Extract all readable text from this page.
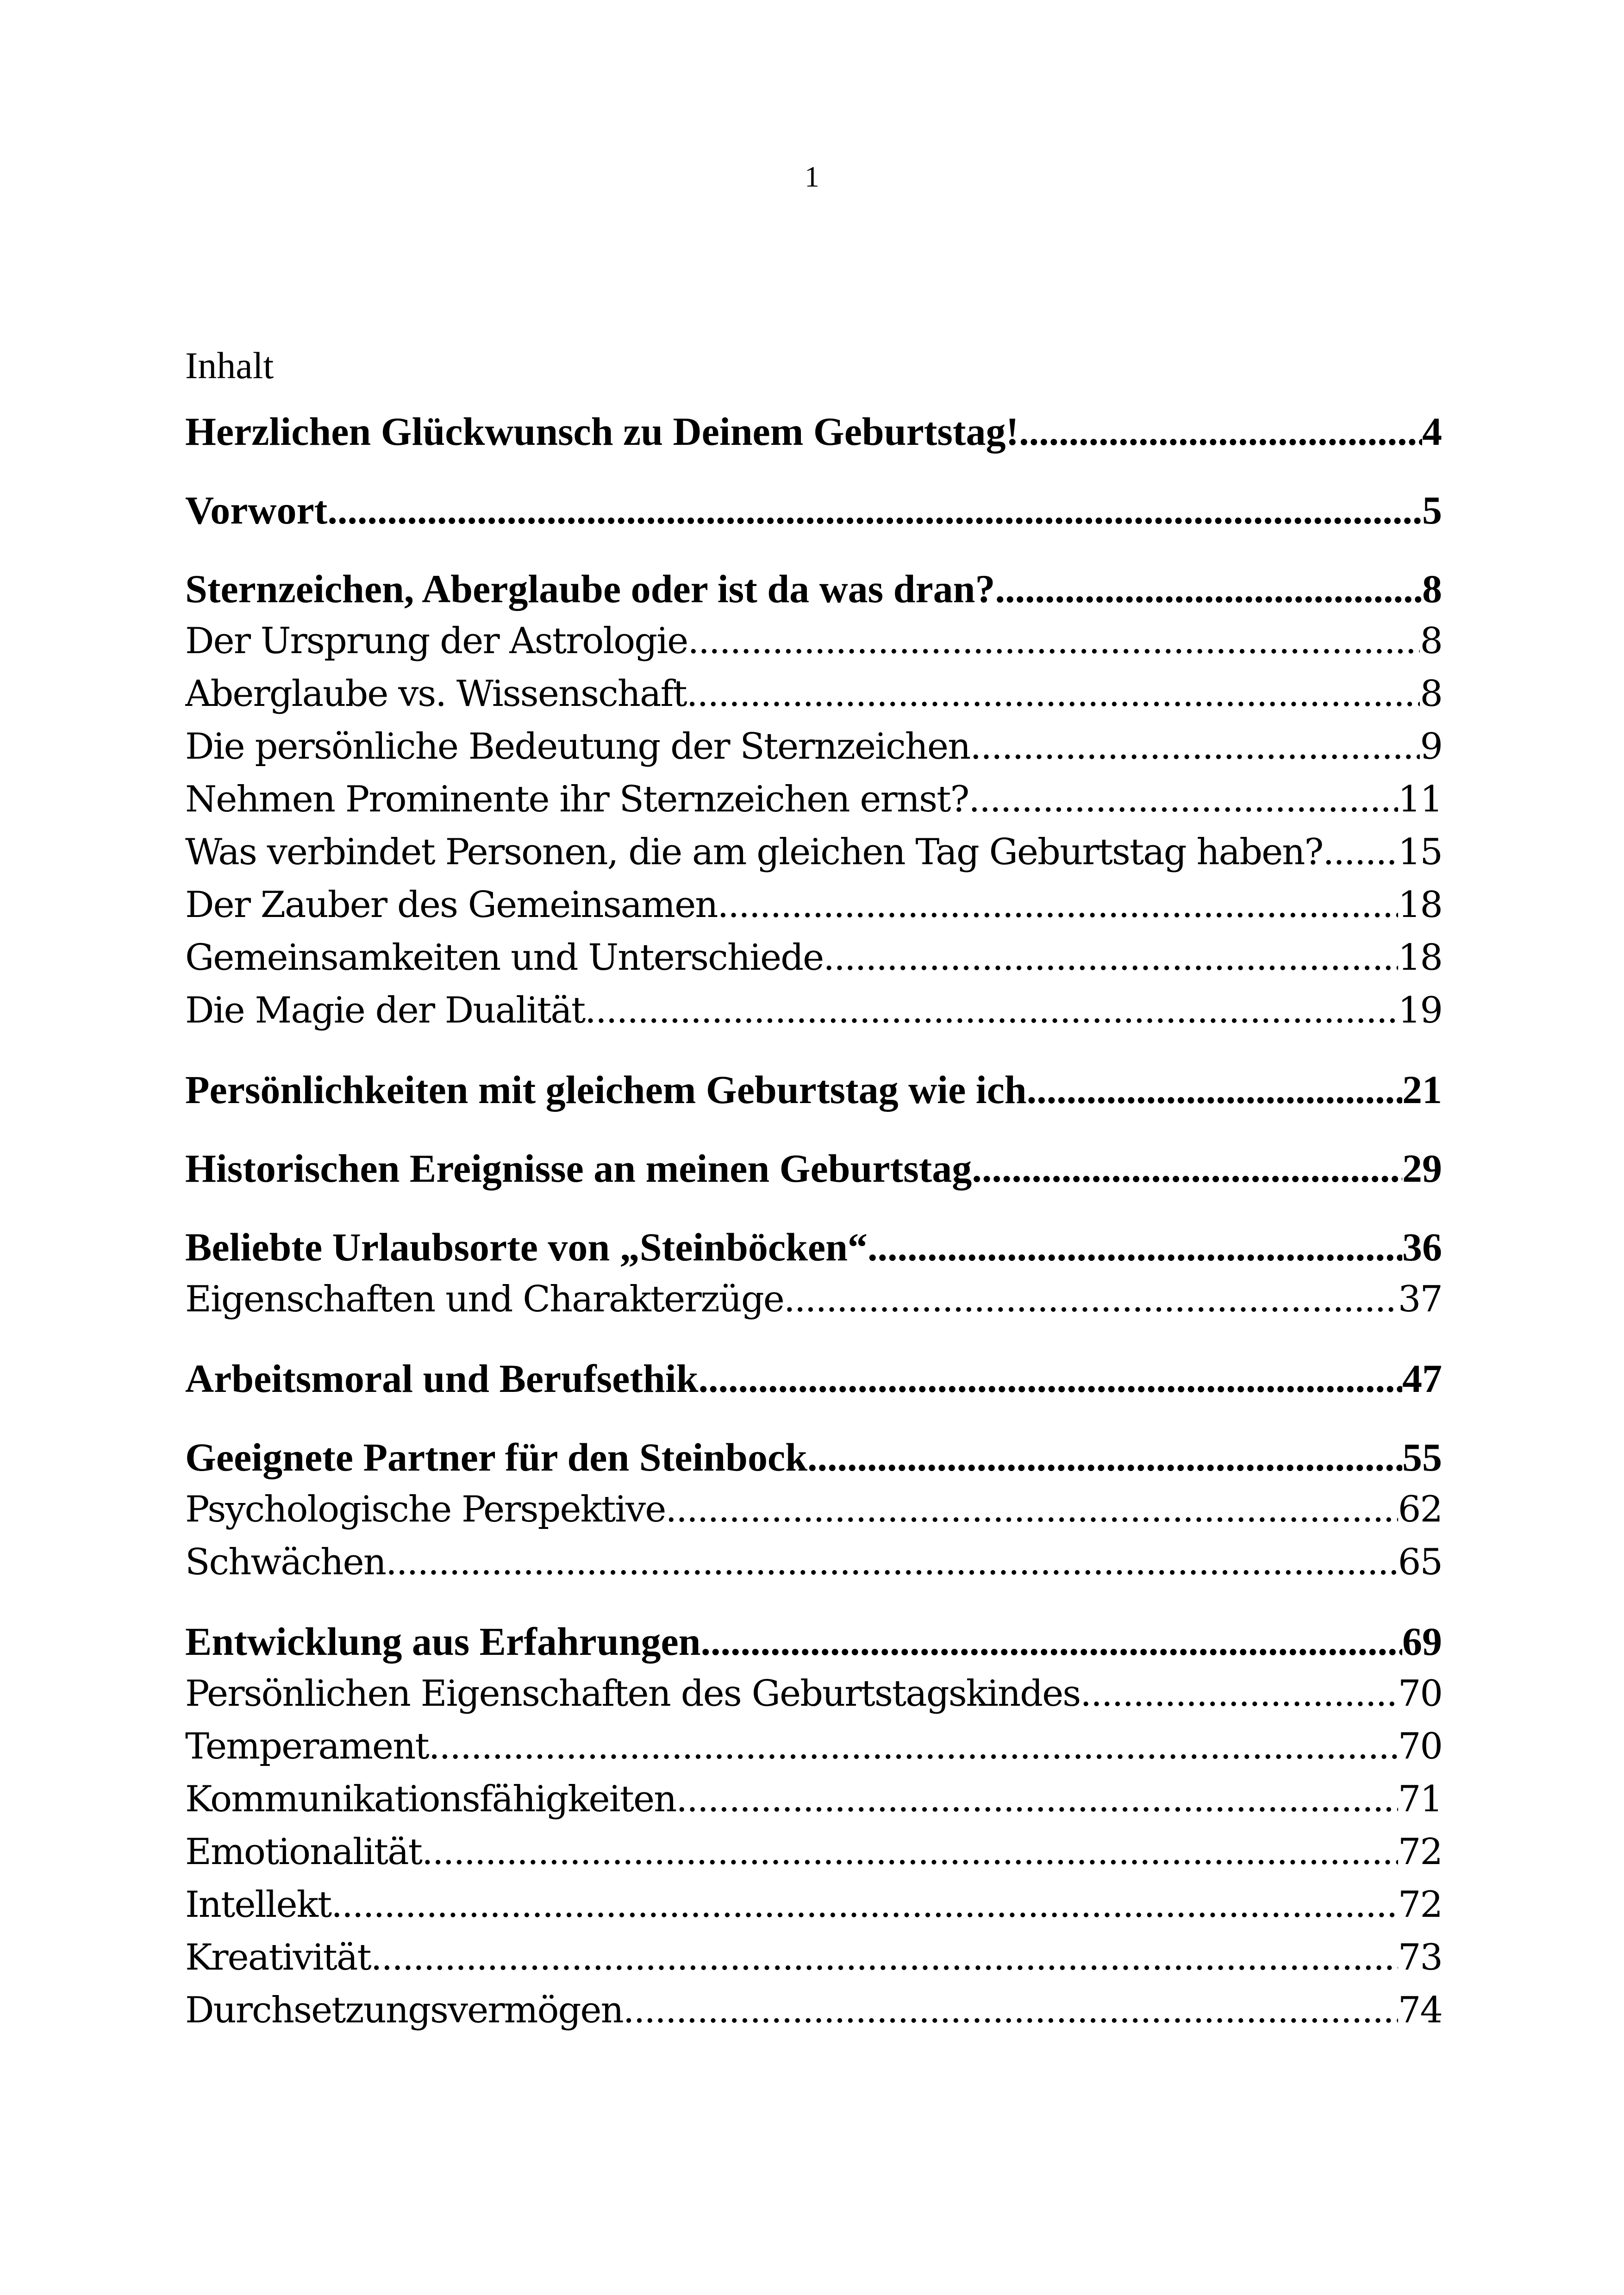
1
Inhalt
Herzlichen Glückwunsch zu Deinem Geburtstag! .....	4
Vorwort .....	5
Sternzeichen, Aberglaube oder ist da was dran? .....	8
Der Ursprung der Astrologie .....	8
Aberglaube vs. Wissenschaft .....	8
Die persönliche Bedeutung der Sternzeichen .....	9
Nehmen Prominente ihr Sternzeichen ernst? .....	11
Was verbindet Personen, die am gleichen Tag Geburtstag haben? ..... 15
Der Zauber des Gemeinsamen .....	18
Gemeinsamkeiten und Unterschiede .....	18
Die Magie der Dualität .....	19
Persönlichkeiten mit gleichem Geburtstag wie ich .....	21
Historischen Ereignisse an meinen Geburtstag .....	29
Beliebte Urlaubsorte von „Steinböcken“ .....	36
Eigenschaften und Charakterzüge .....	37
Arbeitsmoral und Berufsethik .....	47
Geeignete Partner für den Steinbock .....	55
Psychologische Perspektive .....	62
Schwächen .....	65
Entwicklung aus Erfahrungen .....	69
Persönlichen Eigenschaften des Geburtstagskindes .....	70
Temperament .....	70
Kommunikationsfähigkeiten .....	71
Emotionalität .....	72
Intellekt .....	72
Kreativität .....	73
Durchsetzungsvermögen .....	74
